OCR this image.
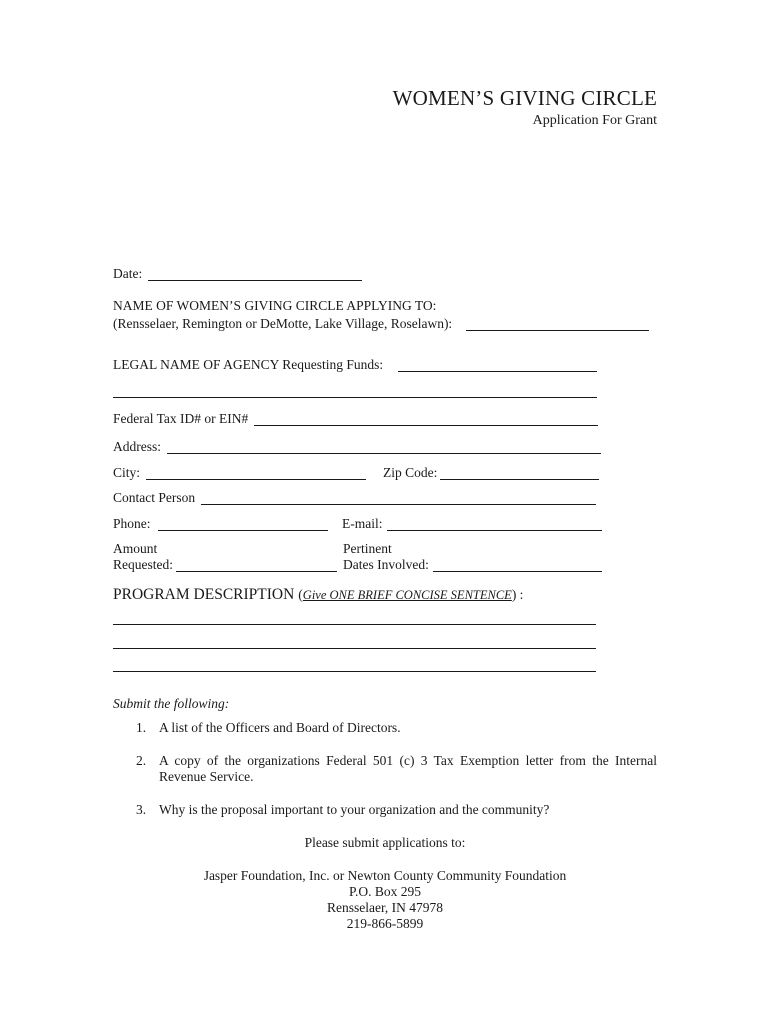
WOMEN’S GIVING CIRCLE
Application For Grant
Date:
NAME OF WOMEN’S GIVING CIRCLE APPLYING TO:
(Rensselaer, Remington or DeMotte, Lake Village, Roselawn):
LEGAL NAME OF AGENCY Requesting Funds:
Federal Tax ID# or EIN#
Address:
City:	Zip Code:
Contact Person
Phone:	E-mail:
Amount
Requested:
Pertinent
Dates Involved:
PROGRAM DESCRIPTION (Give ONE BRIEF CONCISE SENTENCE) :
Submit the following:
1. A list of the Officers and Board of Directors.
2. A copy of the organizations Federal 501 (c) 3 Tax Exemption letter from the Internal Revenue Service.
3. Why is the proposal important to your organization and the community?
Please submit applications to:
Jasper Foundation, Inc. or Newton County Community Foundation
P.O. Box 295
Rensselaer, IN 47978
219-866-5899
